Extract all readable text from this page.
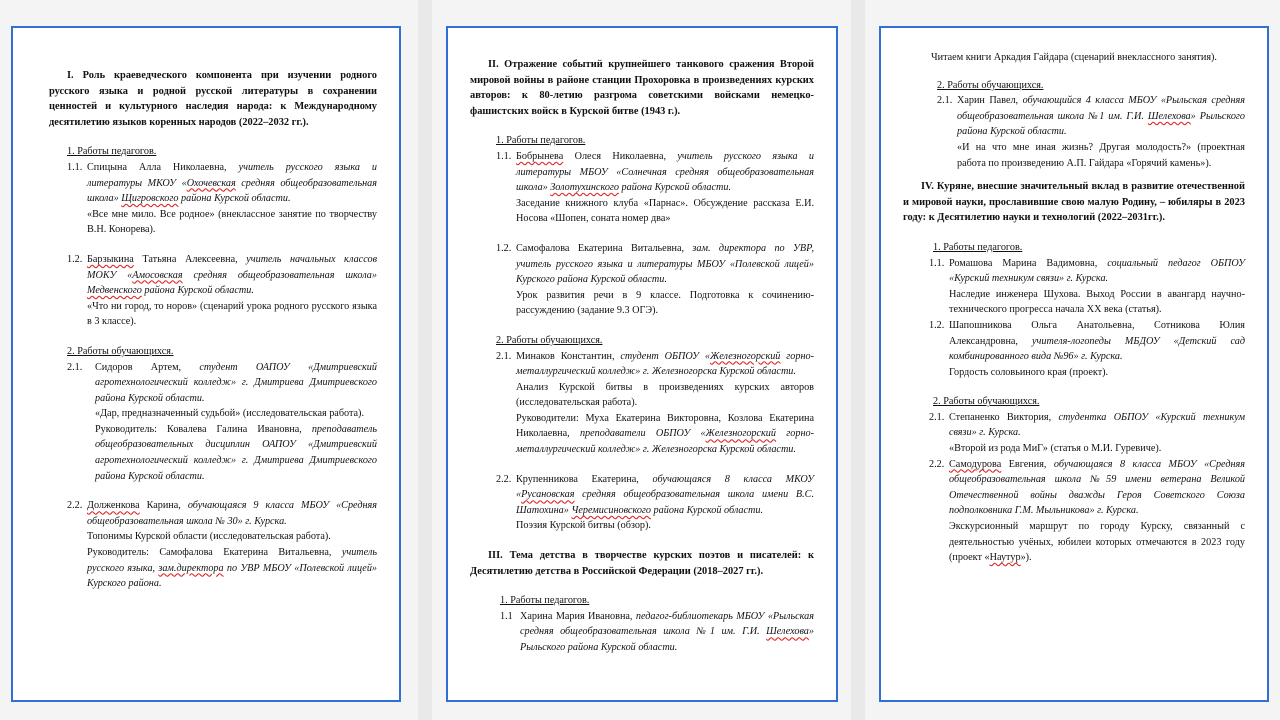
I. Роль краеведческого компонента при изучении родного русского языка и родной русской литературы в сохранении ценностей и культурного наследия народа: к Международному десятилетию языков коренных народов (2022–2032 гг.).

1. Работы педагогов.

1.1. Спицына Алла Николаевна, учитель русского языка и литературы МКОУ «Охочевская средняя общеобразовательная школа» Щигровского района Курской области.
«Все мне мило. Все родное» (внеклассное занятие по творчеству В.Н. Конорева).
1.2. Барзыкина Татьяна Алексеевна, учитель начальных классов МОКУ «Амосовская средняя общеобразовательная школа» Медвенского района Курской области.
«Что ни город, то норов» (сценарий урока родного русского языка в 3 классе).

2. Работы обучающихся.

2.1.	Сидоров Артем, студент ОАПОУ «Дмитриевский агротехнологический колледж» г. Дмитриева Дмитриевского района Курской области.
«Дар, предназначенный судьбой» (исследовательская работа).
Руководитель: Ковалева Галина Ивановна, преподаватель общеобразовательных дисциплин ОАПОУ «Дмитриевский агротехнологический колледж» г. Дмитриева Дмитриевского района Курской области.
2.2. Долженкова Карина, обучающаяся 9 класса МБОУ «Средняя общеобразовательная школа № 30» г. Курска.
Топонимы Курской области (исследовательская работа).
Руководитель: Самофалова Екатерина Витальевна, учитель русского языка, зам.директора по УВР МБОУ «Полевской лицей» Курского района.

II. Отражение событий крупнейшего танкового сражения Второй мировой войны в районе станции Прохоровка в произведениях курских авторов: к 80-летию разгрома советскими войсками немецко-фашистских войск в Курской битве (1943 г.).

1. Работы педагогов.

1.1. Бобрынева Олеся Николаевна, учитель русского языка и литературы МБОУ «Солнечная средняя общеобразовательная школа» Золотухинского района Курской области.
Заседание книжного клуба «Парнас». Обсуждение рассказа Е.И. Носова «Шопен, соната номер два»
1.2. Самофалова Екатерина Витальевна, зам. директора по УВР, учитель русского языка и литературы МБОУ «Полевской лицей» Курского района Курской области.
Урок развития речи в 9 классе. Подготовка к сочинению-рассуждению (задание 9.3 ОГЭ).

2. Работы обучающихся.

2.1. Минаков Константин, студент ОБПОУ «Железногорский горно-металлургический колледж» г. Железногорска Курской области.
Анализ Курской битвы в произведениях курских авторов (исследовательская работа).
Руководители: Муха Екатерина Викторовна, Козлова Екатерина Николаевна, преподаватели ОБПОУ «Железногорский горно-металлургический колледж» г. Железногорска Курской области.
2.2. Крупенникова Екатерина, обучающаяся 8 класса МКОУ «Русановская средняя общеобразовательная школа имени В.С. Шатохина» Черемисиновского района Курской области.
Поэзия Курской битвы (обзор).

III. Тема детства в творчестве курских поэтов и писателей: к Десятилетию детства в Российской Федерации (2018–2027 гг.).

1. Работы педагогов.

1.1 Харина Мария Ивановна, педагог-библиотекарь МБОУ «Рыльская средняя общеобразовательная школа №1 им. Г.И. Шелехова» Рыльского района Курской области.

Читаем книги Аркадия Гайдара (сценарий внеклассного занятия).

2. Работы обучающихся.

2.1. Харин Павел, обучающийся 4 класса МБОУ «Рыльская средняя общеобразовательная школа №1 им. Г.И. Шелехова» Рыльского района Курской области.
«И на что мне иная жизнь? Другая молодость?» (проектная работа по произведению А.П. Гайдара «Горячий камень»).

IV. Куряне, внесшие значительный вклад в развитие отечественной и мировой науки, прославившие свою малую Родину, – юбиляры в 2023 году: к Десятилетию науки и технологий (2022–2031гг.).

1. Работы педагогов.

1.1. Ромашова Марина Вадимовна, социальный педагог ОБПОУ «Курский техникум связи» г. Курска.
Наследие инженера Шухова. Выход России в авангард научно-технического прогресса начала XX века (статья).
1.2. Шапошникова Ольга Анатольевна, Сотникова Юлия Александровна, учителя-логопеды МБДОУ «Детский сад комбинированного вида №96» г. Курска.
Гордость соловьиного края (проект).

2. Работы обучающихся.

2.1. Степаненко Виктория, студентка ОБПОУ «Курский техникум связи» г. Курска.
«Второй из рода МиГ» (статья о М.И. Гуревиче).
2.2. Самодурова Евгения, обучающаяся 8 класса МБОУ «Средняя общеобразовательная школа №59 имени ветерана Великой Отечественной войны дважды Героя Советского Союза подполковника Г.М. Мыльникова» г. Курска.
Экскурсионный маршрут по городу Курску, связанный с деятельностью учёных, юбилеи которых отмечаются в 2023 году (проект «Наутур»).
